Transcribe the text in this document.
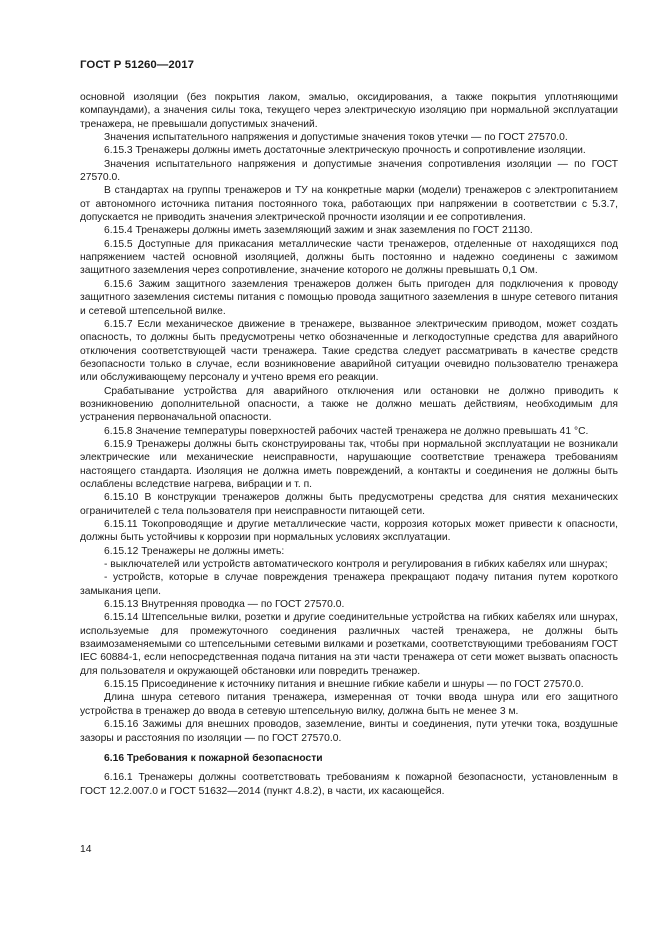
ГОСТ Р 51260—2017

основной изоляции (без покрытия лаком, эмалью, оксидирования, а также покрытия уплотняющими компаундами), а значения силы тока, текущего через электрическую изоляцию при нормальной эксплуатации тренажера, не превышали допустимых значений.

Значения испытательного напряжения и допустимые значения токов утечки — по ГОСТ 27570.0.

6.15.3 Тренажеры должны иметь достаточные электрическую прочность и сопротивление изоляции.

Значения испытательного напряжения и допустимые значения сопротивления изоляции — по ГОСТ 27570.0.

В стандартах на группы тренажеров и ТУ на конкретные марки (модели) тренажеров с электропитанием от автономного источника питания постоянного тока, работающих при напряжении в соответствии с 5.3.7, допускается не приводить значения электрической прочности изоляции и ее сопротивления.

6.15.4 Тренажеры должны иметь заземляющий зажим и знак заземления по ГОСТ 21130.

6.15.5 Доступные для прикасания металлические части тренажеров, отделенные от находящихся под напряжением частей основной изоляцией, должны быть постоянно и надежно соединены с зажимом защитного заземления через сопротивление, значение которого не должны превышать 0,1 Ом.

6.15.6 Зажим защитного заземления тренажеров должен быть пригоден для подключения к проводу защитного заземления системы питания с помощью провода защитного заземления в шнуре сетевого питания и сетевой штепсельной вилке.

6.15.7 Если механическое движение в тренажере, вызванное электрическим приводом, может создать опасность, то должны быть предусмотрены четко обозначенные и легкодоступные средства для аварийного отключения соответствующей части тренажера. Такие средства следует рассматривать в качестве средств безопасности только в случае, если возникновение аварийной ситуации очевидно пользователю тренажера или обслуживающему персоналу и учтено время его реакции.

Срабатывание устройства для аварийного отключения или остановки не должно приводить к возникновению дополнительной опасности, а также не должно мешать действиям, необходимым для устранения первоначальной опасности.

6.15.8 Значение температуры поверхностей рабочих частей тренажера не должно превышать 41 °С.

6.15.9 Тренажеры должны быть сконструированы так, чтобы при нормальной эксплуатации не возникали электрические или механические неисправности, нарушающие соответствие тренажера требованиям настоящего стандарта. Изоляция не должна иметь повреждений, а контакты и соединения не должны быть ослаблены вследствие нагрева, вибрации и т. п.

6.15.10 В конструкции тренажеров должны быть предусмотрены средства для снятия механических ограничителей с тела пользователя при неисправности питающей сети.

6.15.11 Токопроводящие и другие металлические части, коррозия которых может привести к опасности, должны быть устойчивы к коррозии при нормальных условиях эксплуатации.

6.15.12 Тренажеры не должны иметь:

- выключателей или устройств автоматического контроля и регулирования в гибких кабелях или шнурах;

- устройств, которые в случае повреждения тренажера прекращают подачу питания путем короткого замыкания цепи.

6.15.13 Внутренняя проводка — по ГОСТ 27570.0.

6.15.14 Штепсельные вилки, розетки и другие соединительные устройства на гибких кабелях или шнурах, используемые для промежуточного соединения различных частей тренажера, не должны быть взаимозаменяемыми со штепсельными сетевыми вилками и розетками, соответствующими требованиям ГОСТ IEC 60884-1, если непосредственная подача питания на эти части тренажера от сети может вызвать опасность для пользователя и окружающей обстановки или повредить тренажер.

6.15.15 Присоединение к источнику питания и внешние гибкие кабели и шнуры — по ГОСТ 27570.0.

Длина шнура сетевого питания тренажера, измеренная от точки ввода шнура или его защитного устройства в тренажер до ввода в сетевую штепсельную вилку, должна быть не менее 3 м.

6.15.16 Зажимы для внешних проводов, заземление, винты и соединения, пути утечки тока, воздушные зазоры и расстояния по изоляции — по ГОСТ 27570.0.

6.16 Требования к пожарной безопасности

6.16.1 Тренажеры должны соответствовать требованиям к пожарной безопасности, установленным в ГОСТ 12.2.007.0 и ГОСТ 51632—2014 (пункт 4.8.2), в части, их касающейся.

14
